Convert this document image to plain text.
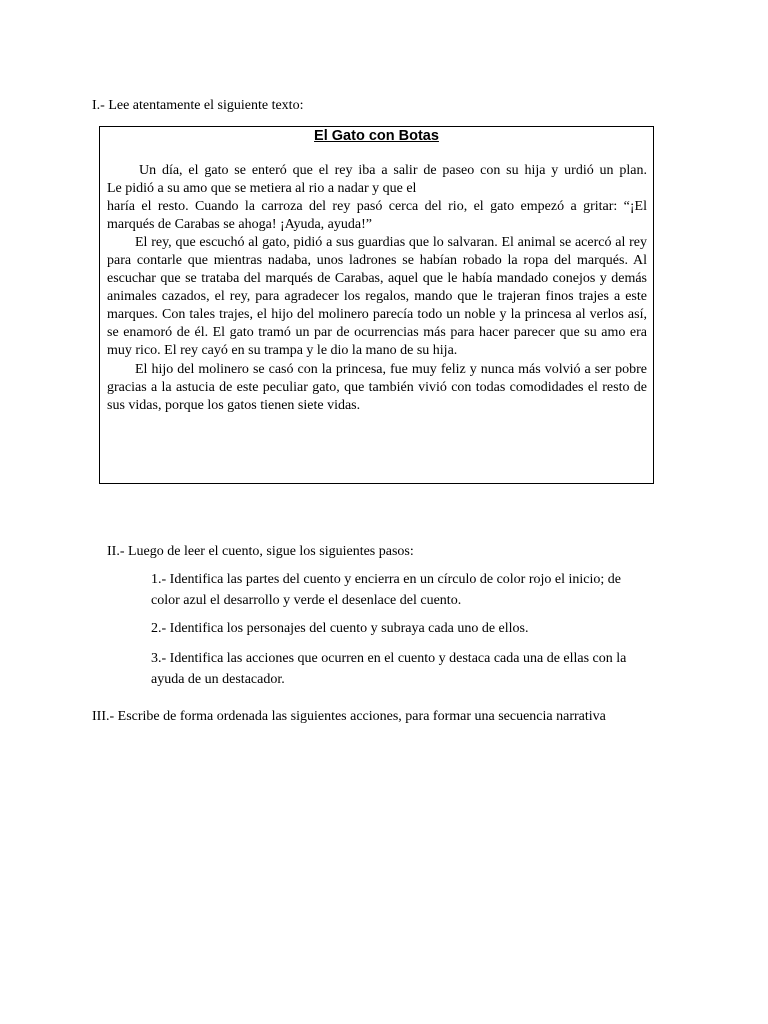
I.- Lee atentamente el siguiente texto:
El Gato con Botas

Un día, el gato se enteró que el rey iba a salir de paseo con su hija y urdió un plan.

Le pidió a su amo que se metiera al rio a nadar y que el

haría el resto. Cuando la carroza del rey pasó cerca del rio, el gato empezó a gritar: “¡El marqués de Carabas se ahoga! ¡Ayuda, ayuda!”

El rey, que escuchó al gato, pidió a sus guardias que lo salvaran. El animal se acercó al rey para contarle que mientras nadaba, unos ladrones se habían robado la ropa del marqués. Al escuchar que se trataba del marqués de Carabas, aquel que le había mandado conejos y demás animales cazados, el rey, para agradecer los regalos, mando que le trajeran finos trajes a este marques. Con tales trajes, el hijo del molinero parecía todo un noble y la princesa al verlos así, se enamoró de él. El gato tramó un par de ocurrencias más para hacer parecer que su amo era muy rico. El rey cayó en su trampa y le dio la mano de su hija.

El hijo del molinero se casó con la princesa, fue muy feliz y nunca más volvió a ser pobre gracias a la astucia de este peculiar gato, que también vivió con todas comodidades el resto de sus vidas, porque los gatos tienen siete vidas.

II.- Luego de leer el cuento, sigue los siguientes pasos:
1.- Identifica las partes del cuento y encierra en un círculo de color rojo el inicio; de color azul el desarrollo y verde el desenlace del cuento.
2.- Identifica los personajes del cuento y subraya cada uno de ellos.
3.- Identifica las acciones que ocurren en el cuento y destaca cada una de ellas con la ayuda de un destacador.
III.- Escribe de forma ordenada las siguientes acciones, para formar una secuencia narrativa
